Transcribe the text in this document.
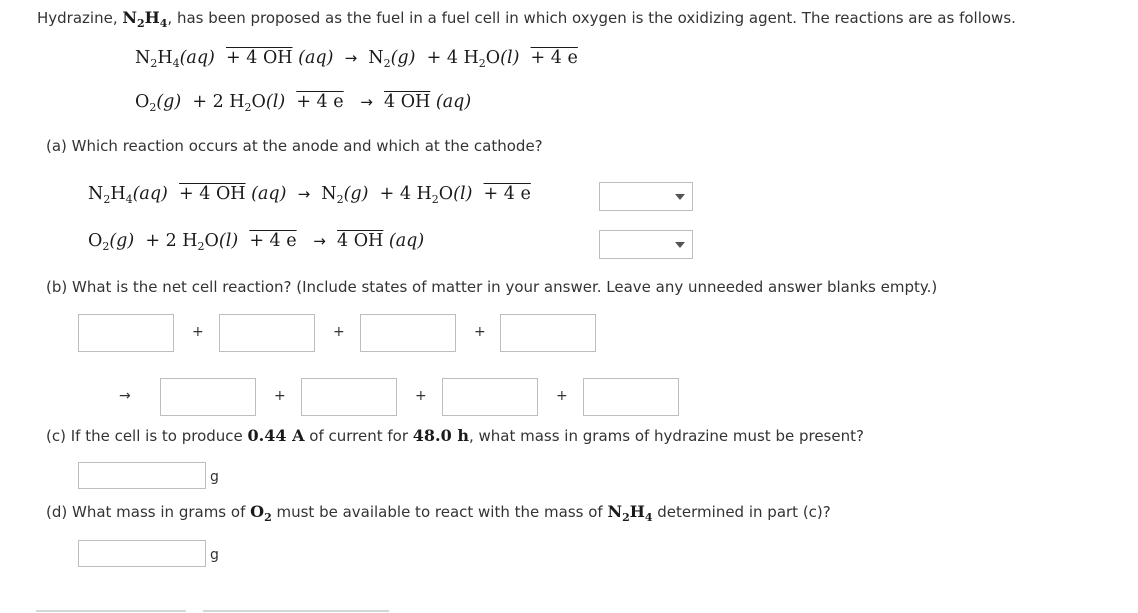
Hydrazine, $N_2H_4$, has been proposed as the fuel in a fuel cell in which oxygen is the oxidizing agent. The reactions are as follows.
$N_2H_4(aq) + 4$ OH $(aq) \to N_2(g) + 4$ $H_2O(l) + 4$ e
$O_2(g) + 2$ $H_2O(l) + 4$ e → 4 OH (aq)
(a) Which reaction occurs at the anode and which at the cathode?
$N_2H_4(aq) + 4$ OH $(aq) \to N_2(g) + 4$ $H_2O(l) + 4$ e
$O_2(g) + 2$ $H_2O(l) + 4$ e → 4 OH (aq)
(b) What is the net cell reaction? (Include states of matter in your answer. Leave any unneeded answer blanks empty.)
+	+	+
→	+	+	+
(c) If the cell is to produce 0.44 A of current for 48.0 h, what mass in grams of hydrazine must be present?
g
(d) What mass in grams of $O_2$ must be available to react with the mass of $N_2H_4$ determined in part (c)?
g
